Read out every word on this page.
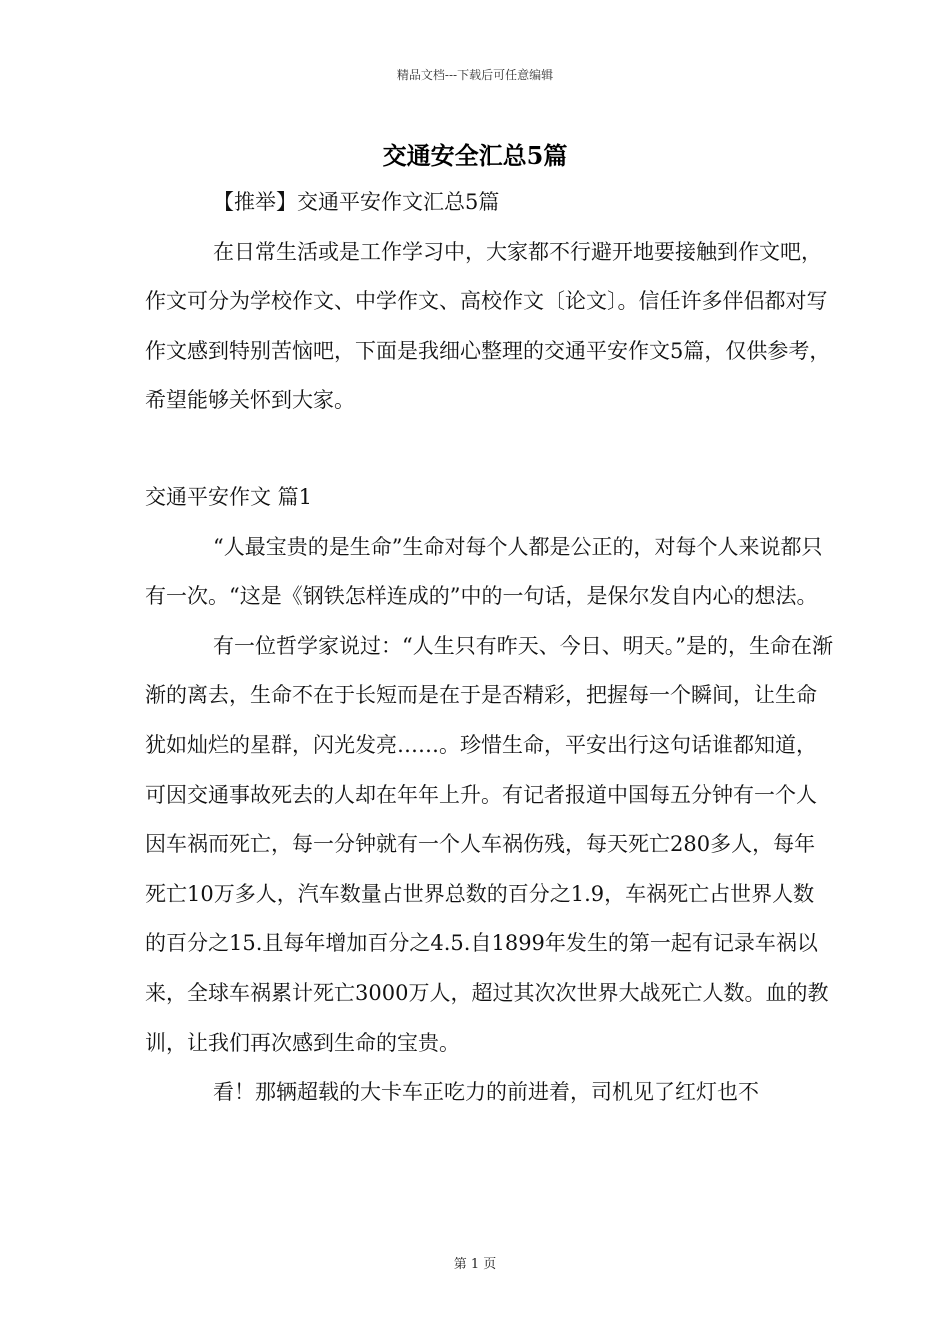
精品文档---下载后可任意编辑
交通安全汇总5篇

【推举】交通平安作文汇总5篇

在日常生活或是工作学习中，大家都不行避开地要接触到作文吧，作文可分为学校作文、中学作文、高校作文〔论文〕。信任许多伴侣都对写作文感到特别苦恼吧，下面是我细心整理的交通平安作文5篇，仅供参考，希望能够关怀到大家。

交通平安作文 篇1

“人最宝贵的是生命”生命对每个人都是公正的，对每个人来说都只有一次。“这是《钢铁怎样连成的”中的一句话，是保尔发自内心的想法。

有一位哲学家说过：“人生只有昨天、今日、明天。”是的，生命在渐渐的离去，生命不在于长短而是在于是否精彩，把握每一个瞬间，让生命犹如灿烂的星群，闪光发亮……。珍惜生命，平安出行这句话谁都知道，可因交通事故死去的人却在年年上升。有记者报道中国每五分钟有一个人因车祸而死亡，每一分钟就有一个人车祸伤残，每天死亡280多人，每年死亡10万多人，汽车数量占世界总数的百分之1.9，车祸死亡占世界人数的百分之15.且每年增加百分之4.5.自1899年发生的第一起有记录车祸以来，全球车祸累计死亡3000万人，超过其次次世界大战死亡人数。血的教训，让我们再次感到生命的宝贵。

看！那辆超载的大卡车正吃力的前进着，司机见了红灯也不

第 1 页
